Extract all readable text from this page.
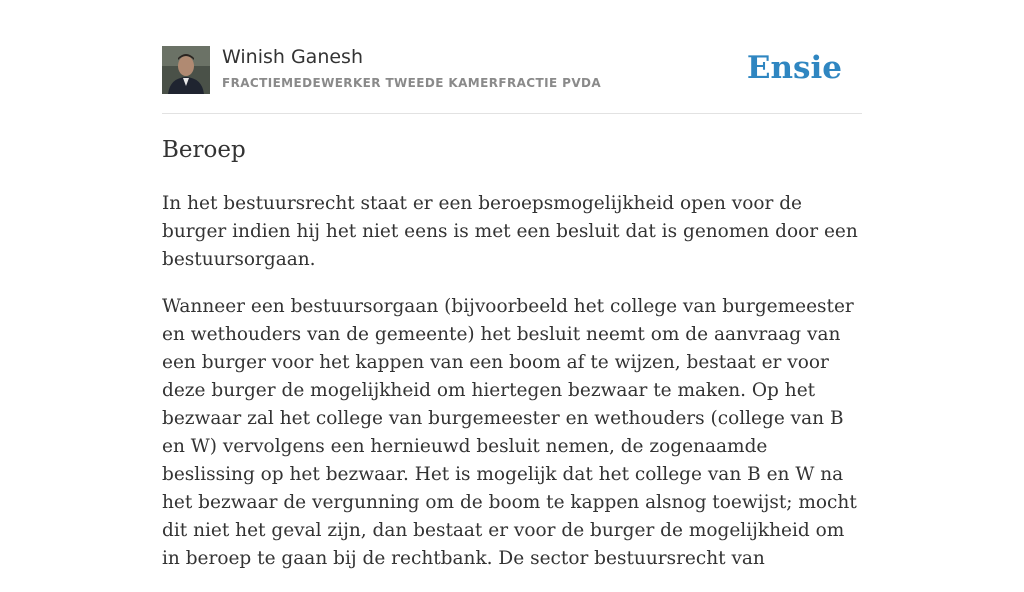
Winish Ganesh
FRACTIEMEDEWERKER TWEEDE KAMERFRACTIE PVDA	Ensie
Beroep

In het bestuursrecht staat er een beroepsmogelijkheid open voor de burger indien hij het niet eens is met een besluit dat is genomen door een bestuursorgaan.

Wanneer een bestuursorgaan (bijvoorbeeld het college van burgemeester en wethouders van de gemeente) het besluit neemt om de aanvraag van een burger voor het kappen van een boom af te wijzen, bestaat er voor deze burger de mogelijkheid om hiertegen bezwaar te maken. Op het bezwaar zal het college van burgemeester en wethouders (college van B en W) vervolgens een hernieuwd besluit nemen, de zogenaamde beslissing op het bezwaar. Het is mogelijk dat het college van B en W na het bezwaar de vergunning om de boom te kappen alsnog toewijst; mocht dit niet het geval zijn, dan bestaat er voor de burger de mogelijkheid om in beroep te gaan bij de rechtbank. De sector bestuursrecht van
